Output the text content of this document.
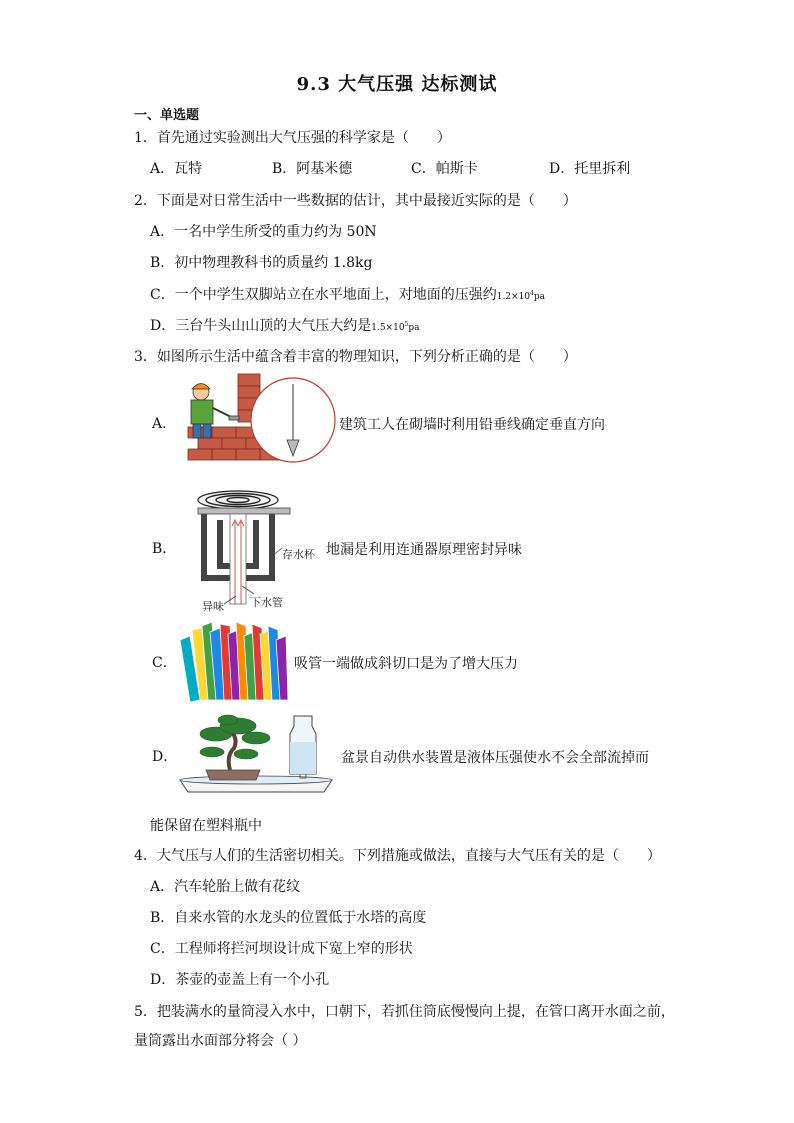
9.3 大气压强 达标测试
一、单选题
1．首先通过实验测出大气压强的科学家是（　　）
A．瓦特	B．阿基米德	C．帕斯卡	D．托里拆利
2．下面是对日常生活中一些数据的估计，其中最接近实际的是（　　）
A．一名中学生所受的重力约为 50N
B．初中物理教科书的质量约 1.8kg
C．一个中学生双脚站立在水平地面上，对地面的压强约$1.2\times 10^4pa$
D．三台牛头山山顶的大气压大约是$1.5\times 10^5pa$
3．如图所示生活中蕴含着丰富的物理知识，下列分析正确的是（　　）
A．	建筑工人在砌墙时利用铅垂线确定垂直方向
B．	存水杯
异味 下水管
地漏是利用连通器原理密封异味
C．	吸管一端做成斜切口是为了增大压力
D．	盆景自动供水装置是液体压强使水不会全部流掉而
能保留在塑料瓶中
4．大气压与人们的生活密切相关。下列措施或做法，直接与大气压有关的是（　　）
A．汽车轮胎上做有花纹
B．自来水管的水龙头的位置低于水塔的高度
C．工程师将拦河坝设计成下宽上窄的形状
D．茶壶的壶盖上有一个小孔
5．把装满水的量筒浸入水中，口朝下，若抓住筒底慢慢向上提，在管口离开水面之前，
量筒露出水面部分将会（ ）
